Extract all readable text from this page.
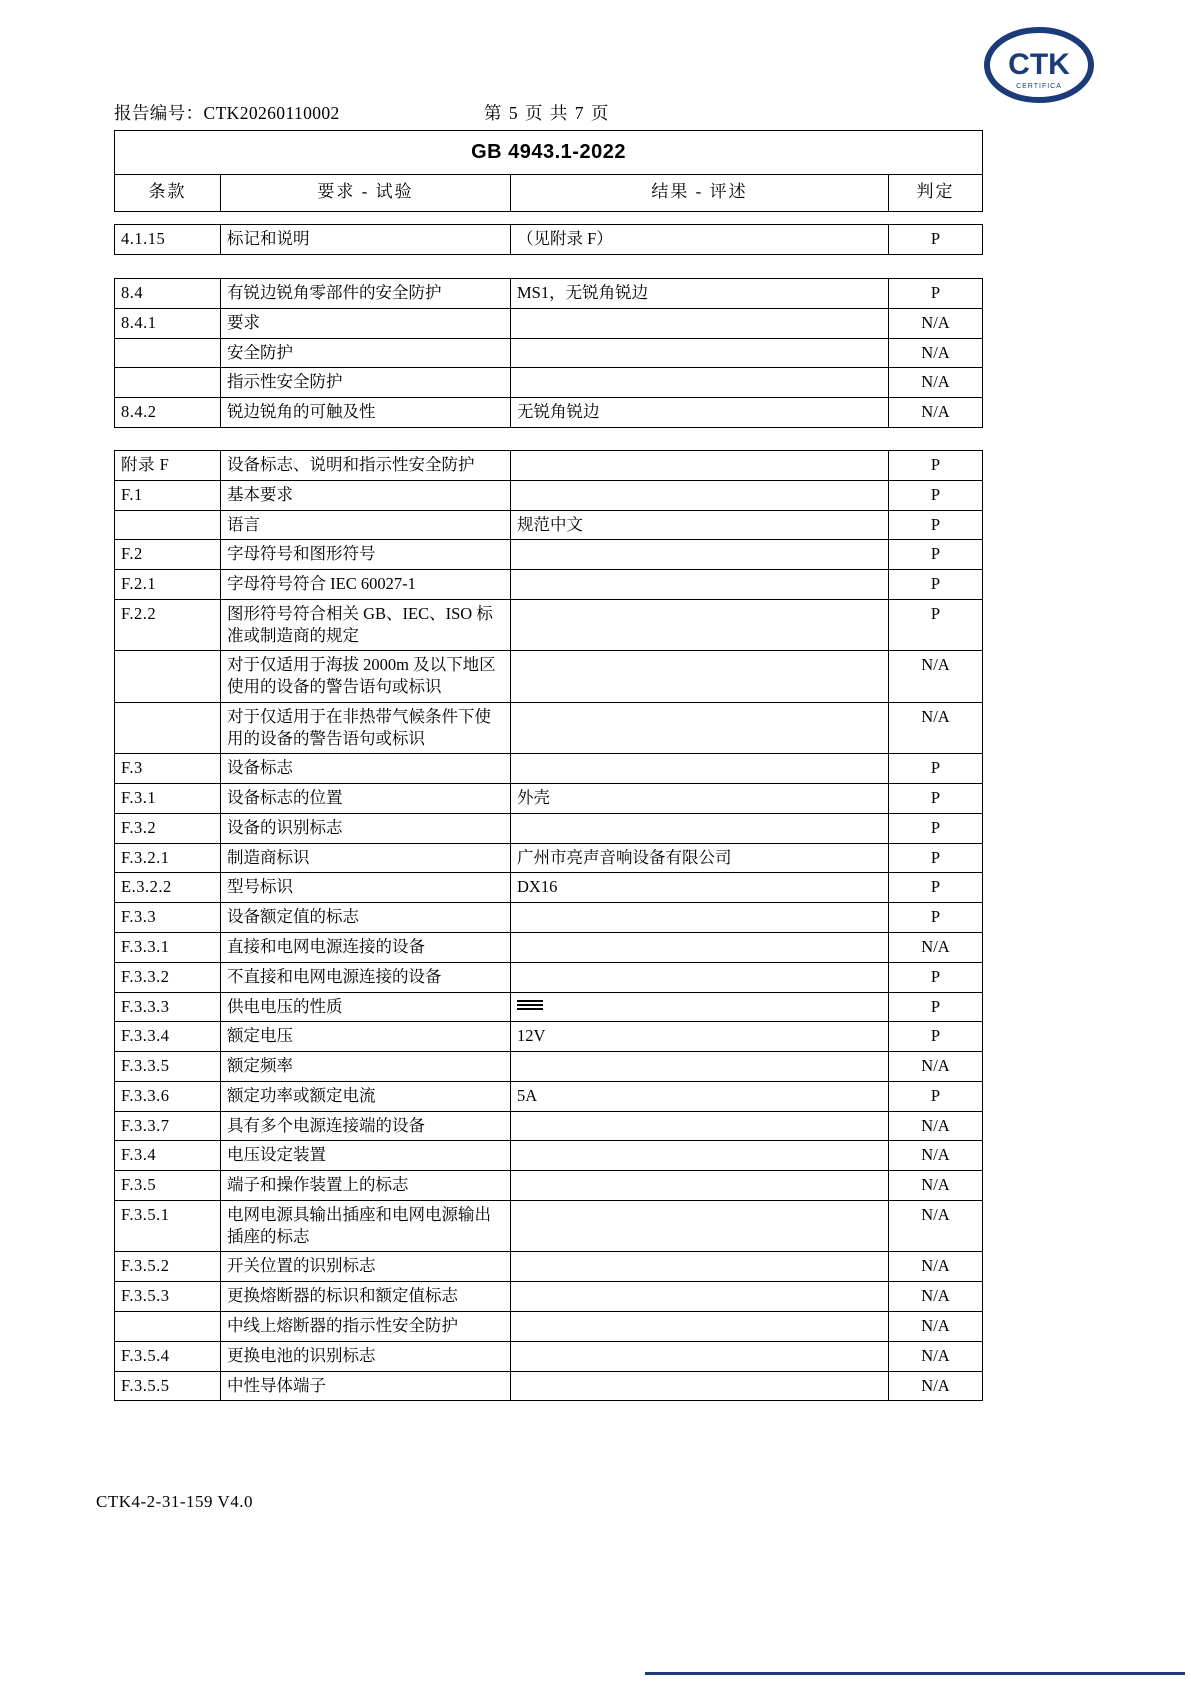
CTK
CERTIFICA
报告编号：CTK20260110002	第 5 页 共 7 页
GB 4943.1-2022
条款	要求 - 试验	结果 - 评述	判定
4.1.15	标记和说明	（见附录 F）	P
8.4	有锐边锐角零部件的安全防护	MS1，无锐角锐边	P
8.4.1	要求		N/A
	安全防护		N/A
	指示性安全防护		N/A
8.4.2	锐边锐角的可触及性	无锐角锐边	N/A
附录 F	设备标志、说明和指示性安全防护		P
F.1	基本要求		P
	语言	规范中文	P
F.2	字母符号和图形符号		P
F.2.1	字母符号符合 IEC 60027-1		P
F.2.2	图形符号符合相关 GB、IEC、ISO 标准或制造商的规定		P
	对于仅适用于海拔 2000m 及以下地区使用的设备的警告语句或标识		N/A
	对于仅适用于在非热带气候条件下使用的设备的警告语句或标识		N/A
F.3	设备标志		P
F.3.1	设备标志的位置	外壳	P
F.3.2	设备的识别标志		P
F.3.2.1	制造商标识	广州市亮声音响设备有限公司	P
E.3.2.2	型号标识	DX16	P
F.3.3	设备额定值的标志		P
F.3.3.1	直接和电网电源连接的设备		N/A
F.3.3.2	不直接和电网电源连接的设备		P
F.3.3.3	供电电压的性质		P
F.3.3.4	额定电压	12V	P
F.3.3.5	额定频率		N/A
F.3.3.6	额定功率或额定电流	5A	P
F.3.3.7	具有多个电源连接端的设备		N/A
F.3.4	电压设定装置		N/A
F.3.5	端子和操作装置上的标志		N/A
F.3.5.1	电网电源具输出插座和电网电源输出插座的标志		N/A
F.3.5.2	开关位置的识别标志		N/A
F.3.5.3	更换熔断器的标识和额定值标志		N/A
	中线上熔断器的指示性安全防护		N/A
F.3.5.4	更换电池的识别标志		N/A
F.3.5.5	中性导体端子		N/A
CTK4-2-31-159 V4.0
